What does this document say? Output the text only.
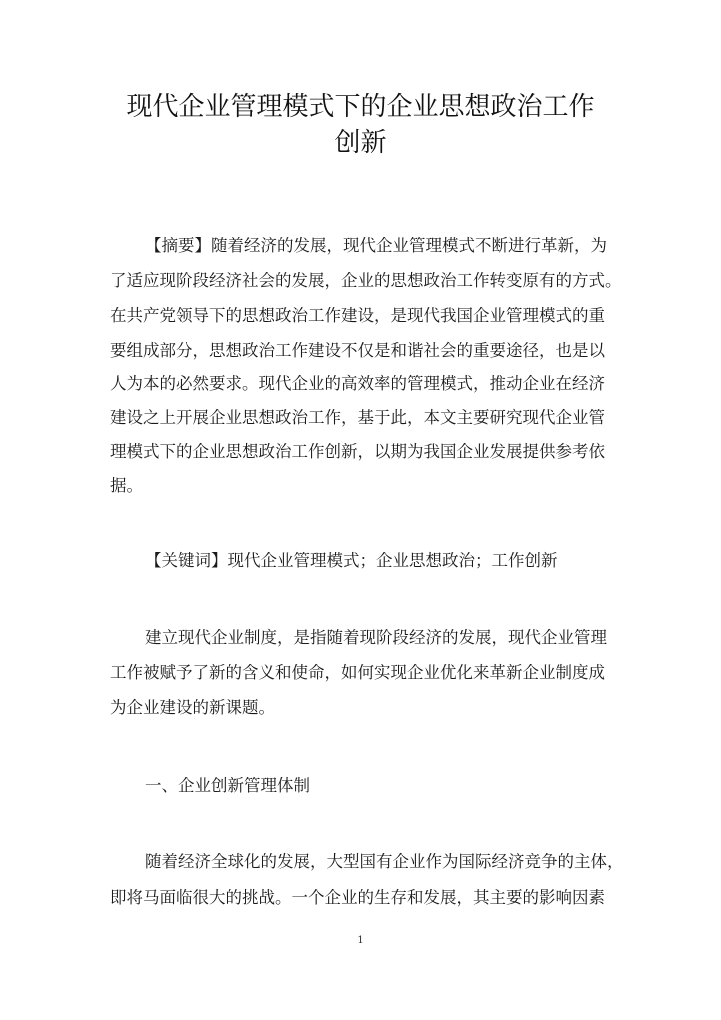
现代企业管理模式下的企业思想政治工作
创新
【摘要】随着经济的发展，现代企业管理模式不断进行革新，为
了适应现阶段经济社会的发展，企业的思想政治工作转变原有的方式。
在共产党领导下的思想政治工作建设，是现代我国企业管理模式的重
要组成部分，思想政治工作建设不仅是和谐社会的重要途径，也是以
人为本的必然要求。现代企业的高效率的管理模式，推动企业在经济
建设之上开展企业思想政治工作，基于此，本文主要研究现代企业管
理模式下的企业思想政治工作创新，以期为我国企业发展提供参考依
据。
【关键词】现代企业管理模式；企业思想政治；工作创新
建立现代企业制度，是指随着现阶段经济的发展，现代企业管理
工作被赋予了新的含义和使命，如何实现企业优化来革新企业制度成
为企业建设的新课题。
一、企业创新管理体制
随着经济全球化的发展，大型国有企业作为国际经济竞争的主体，
即将马面临很大的挑战。一个企业的生存和发展，其主要的影响因素
1
